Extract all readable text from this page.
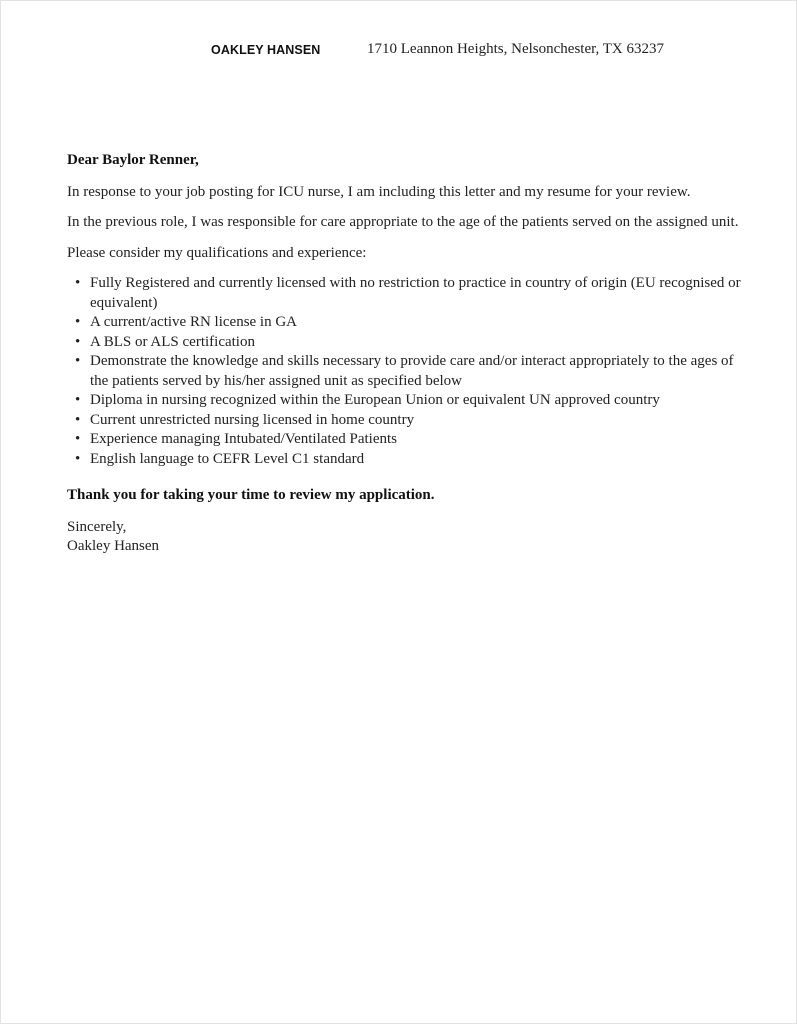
OAKLEY HANSEN	1710 Leannon Heights, Nelsonchester, TX 63237

Dear Baylor Renner,

In response to your job posting for ICU nurse, I am including this letter and my resume for your review.

In the previous role, I was responsible for care appropriate to the age of the patients served on the assigned unit.

Please consider my qualifications and experience:

• Fully Registered and currently licensed with no restriction to practice in country of origin (EU recognised or equivalent)
• A current/active RN license in GA
• A BLS or ALS certification
• Demonstrate the knowledge and skills necessary to provide care and/or interact appropriately to the ages of the patients served by his/her assigned unit as specified below
• Diploma in nursing recognized within the European Union or equivalent UN approved country
• Current unrestricted nursing licensed in home country
• Experience managing Intubated/Ventilated Patients
• English language to CEFR Level C1 standard

Thank you for taking your time to review my application.

Sincerely,

Oakley Hansen
